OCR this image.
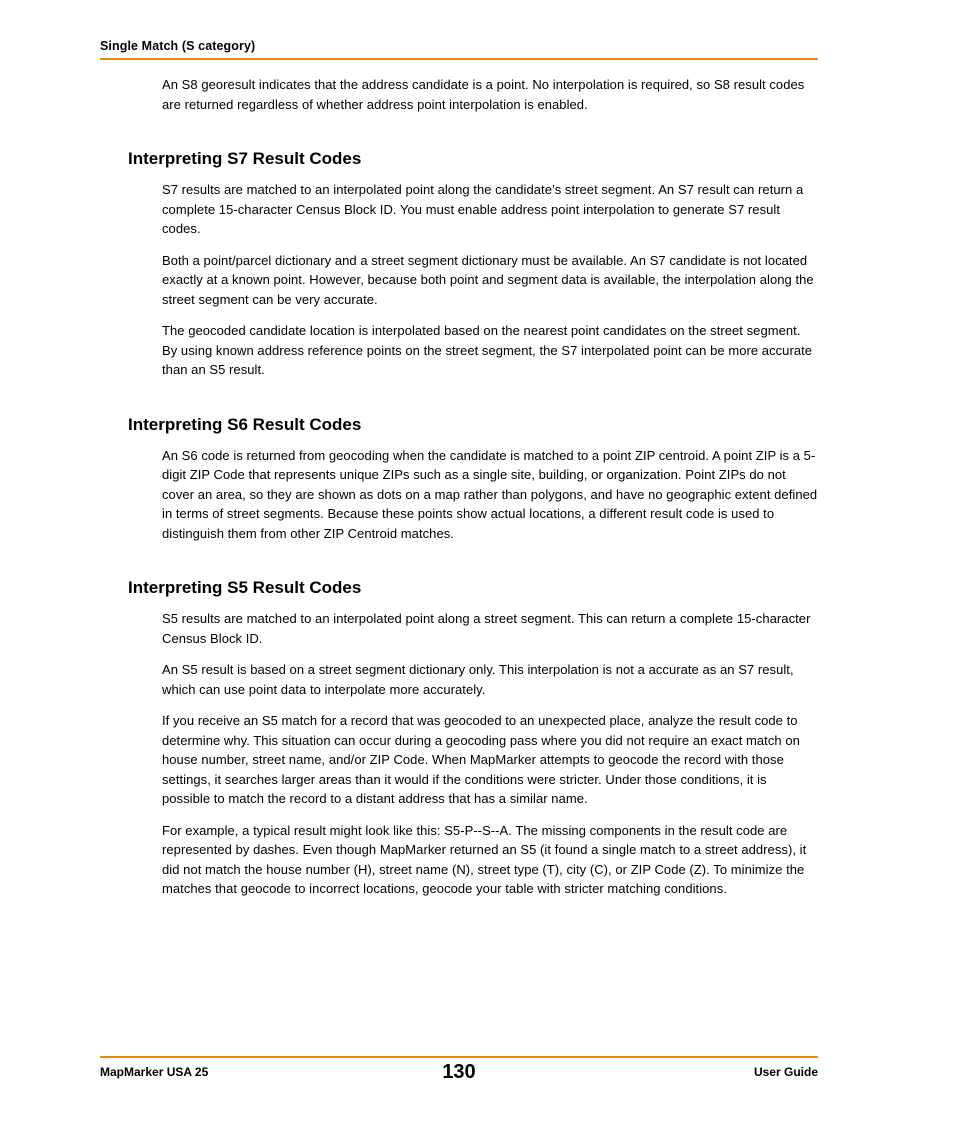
Single Match (S category)

An S8 georesult indicates that the address candidate is a point. No interpolation is required, so S8 result codes are returned regardless of whether address point interpolation is enabled.

Interpreting S7 Result Codes

S7 results are matched to an interpolated point along the candidate’s street segment. An S7 result can return a complete 15-character Census Block ID. You must enable address point interpolation to generate S7 result codes.

Both a point/parcel dictionary and a street segment dictionary must be available. An S7 candidate is not located exactly at a known point. However, because both point and segment data is available, the interpolation along the street segment can be very accurate.

The geocoded candidate location is interpolated based on the nearest point candidates on the street segment. By using known address reference points on the street segment, the S7 interpolated point can be more accurate than an S5 result.

Interpreting S6 Result Codes

An S6 code is returned from geocoding when the candidate is matched to a point ZIP centroid. A point ZIP is a 5-digit ZIP Code that represents unique ZIPs such as a single site, building, or organization. Point ZIPs do not cover an area, so they are shown as dots on a map rather than polygons, and have no geographic extent defined in terms of street segments. Because these points show actual locations, a different result code is used to distinguish them from other ZIP Centroid matches.

Interpreting S5 Result Codes

S5 results are matched to an interpolated point along a street segment. This can return a complete 15-character Census Block ID.

An S5 result is based on a street segment dictionary only. This interpolation is not a accurate as an S7 result, which can use point data to interpolate more accurately.

If you receive an S5 match for a record that was geocoded to an unexpected place, analyze the result code to determine why. This situation can occur during a geocoding pass where you did not require an exact match on house number, street name, and/or ZIP Code. When MapMarker attempts to geocode the record with those settings, it searches larger areas than it would if the conditions were stricter. Under those conditions, it is possible to match the record to a distant address that has a similar name.

For example, a typical result might look like this: S5-P--S--A. The missing components in the result code are represented by dashes. Even though MapMarker returned an S5 (it found a single match to a street address), it did not match the house number (H), street name (N), street type (T), city (C), or ZIP Code (Z). To minimize the matches that geocode to incorrect locations, geocode your table with stricter matching conditions.

MapMarker USA 25	130	User Guide
